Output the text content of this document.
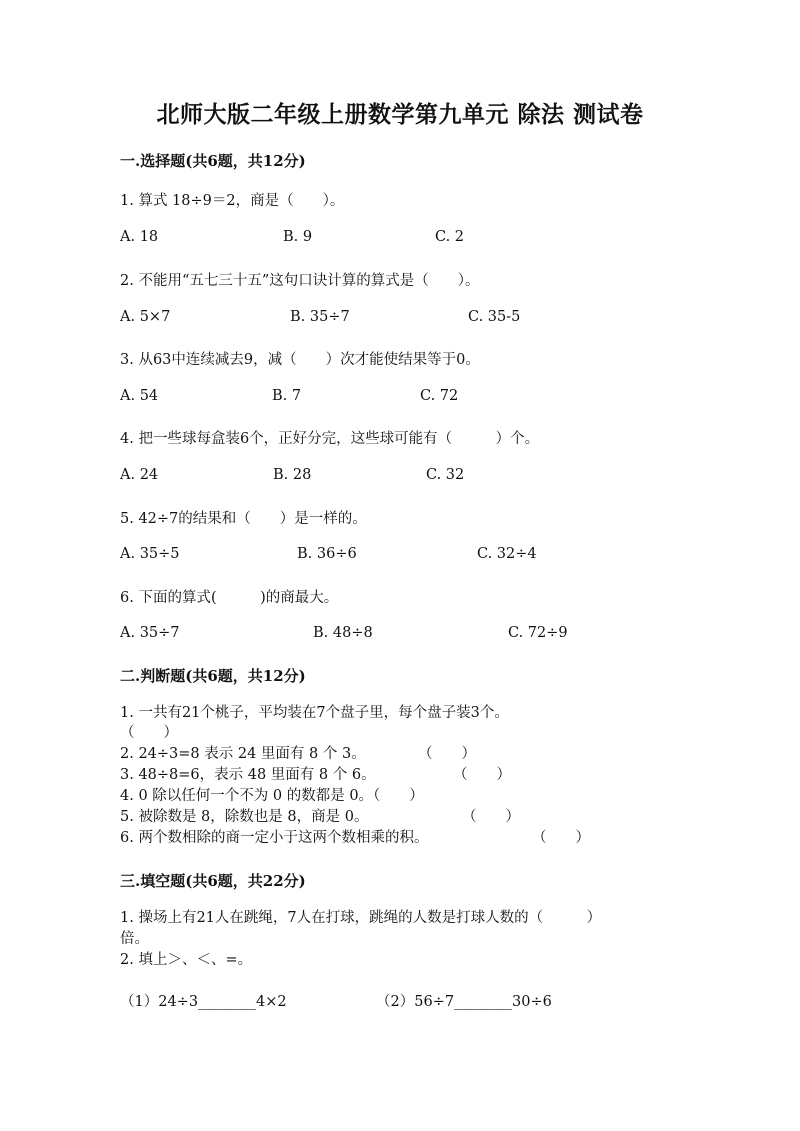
北师大版二年级上册数学第九单元 除法 测试卷
一.选择题(共6题，共12分)
1. 算式 18÷9＝2，商是（　　）。
A. 18	B. 9	C. 2
2. 不能用“五七三十五”这句口诀计算的算式是（　　）。
A. 5×7	B. 35÷7	C. 35-5
3. 从63中连续减去9，减（　　）次才能使结果等于0。
A. 54	B. 7	C. 72
4. 把一些球每盒装6个，正好分完，这些球可能有（　　　）个。
A. 24	B. 28	C. 32
5. 42÷7的结果和（　　）是一样的。
A. 35÷5	B. 36÷6	C. 32÷4
6. 下面的算式(　　　)的商最大。
A. 35÷7	B. 48÷8	C. 72÷9
二.判断题(共6题，共12分)
1. 一共有21个桃子，平均装在7个盘子里，每个盘子装3个。
（　　）
2. 24÷3=8 表示 24 里面有 8 个 3。	（　　）
3. 48÷8=6，表示 48 里面有 8 个 6。	（　　）
4. 0 除以任何一个不为 0 的数都是 0。（　　）
5. 被除数是 8，除数也是 8，商是 0。	（　　）
6. 两个数相除的商一定小于这两个数相乘的积。	（　　）
三.填空题(共6题，共22分)
1. 操场上有21人在跳绳，7人在打球，跳绳的人数是打球人数的（　　　）
倍。
2. 填上＞、＜、=。
（1）24÷3________4×2	（2）56÷7________30÷6
